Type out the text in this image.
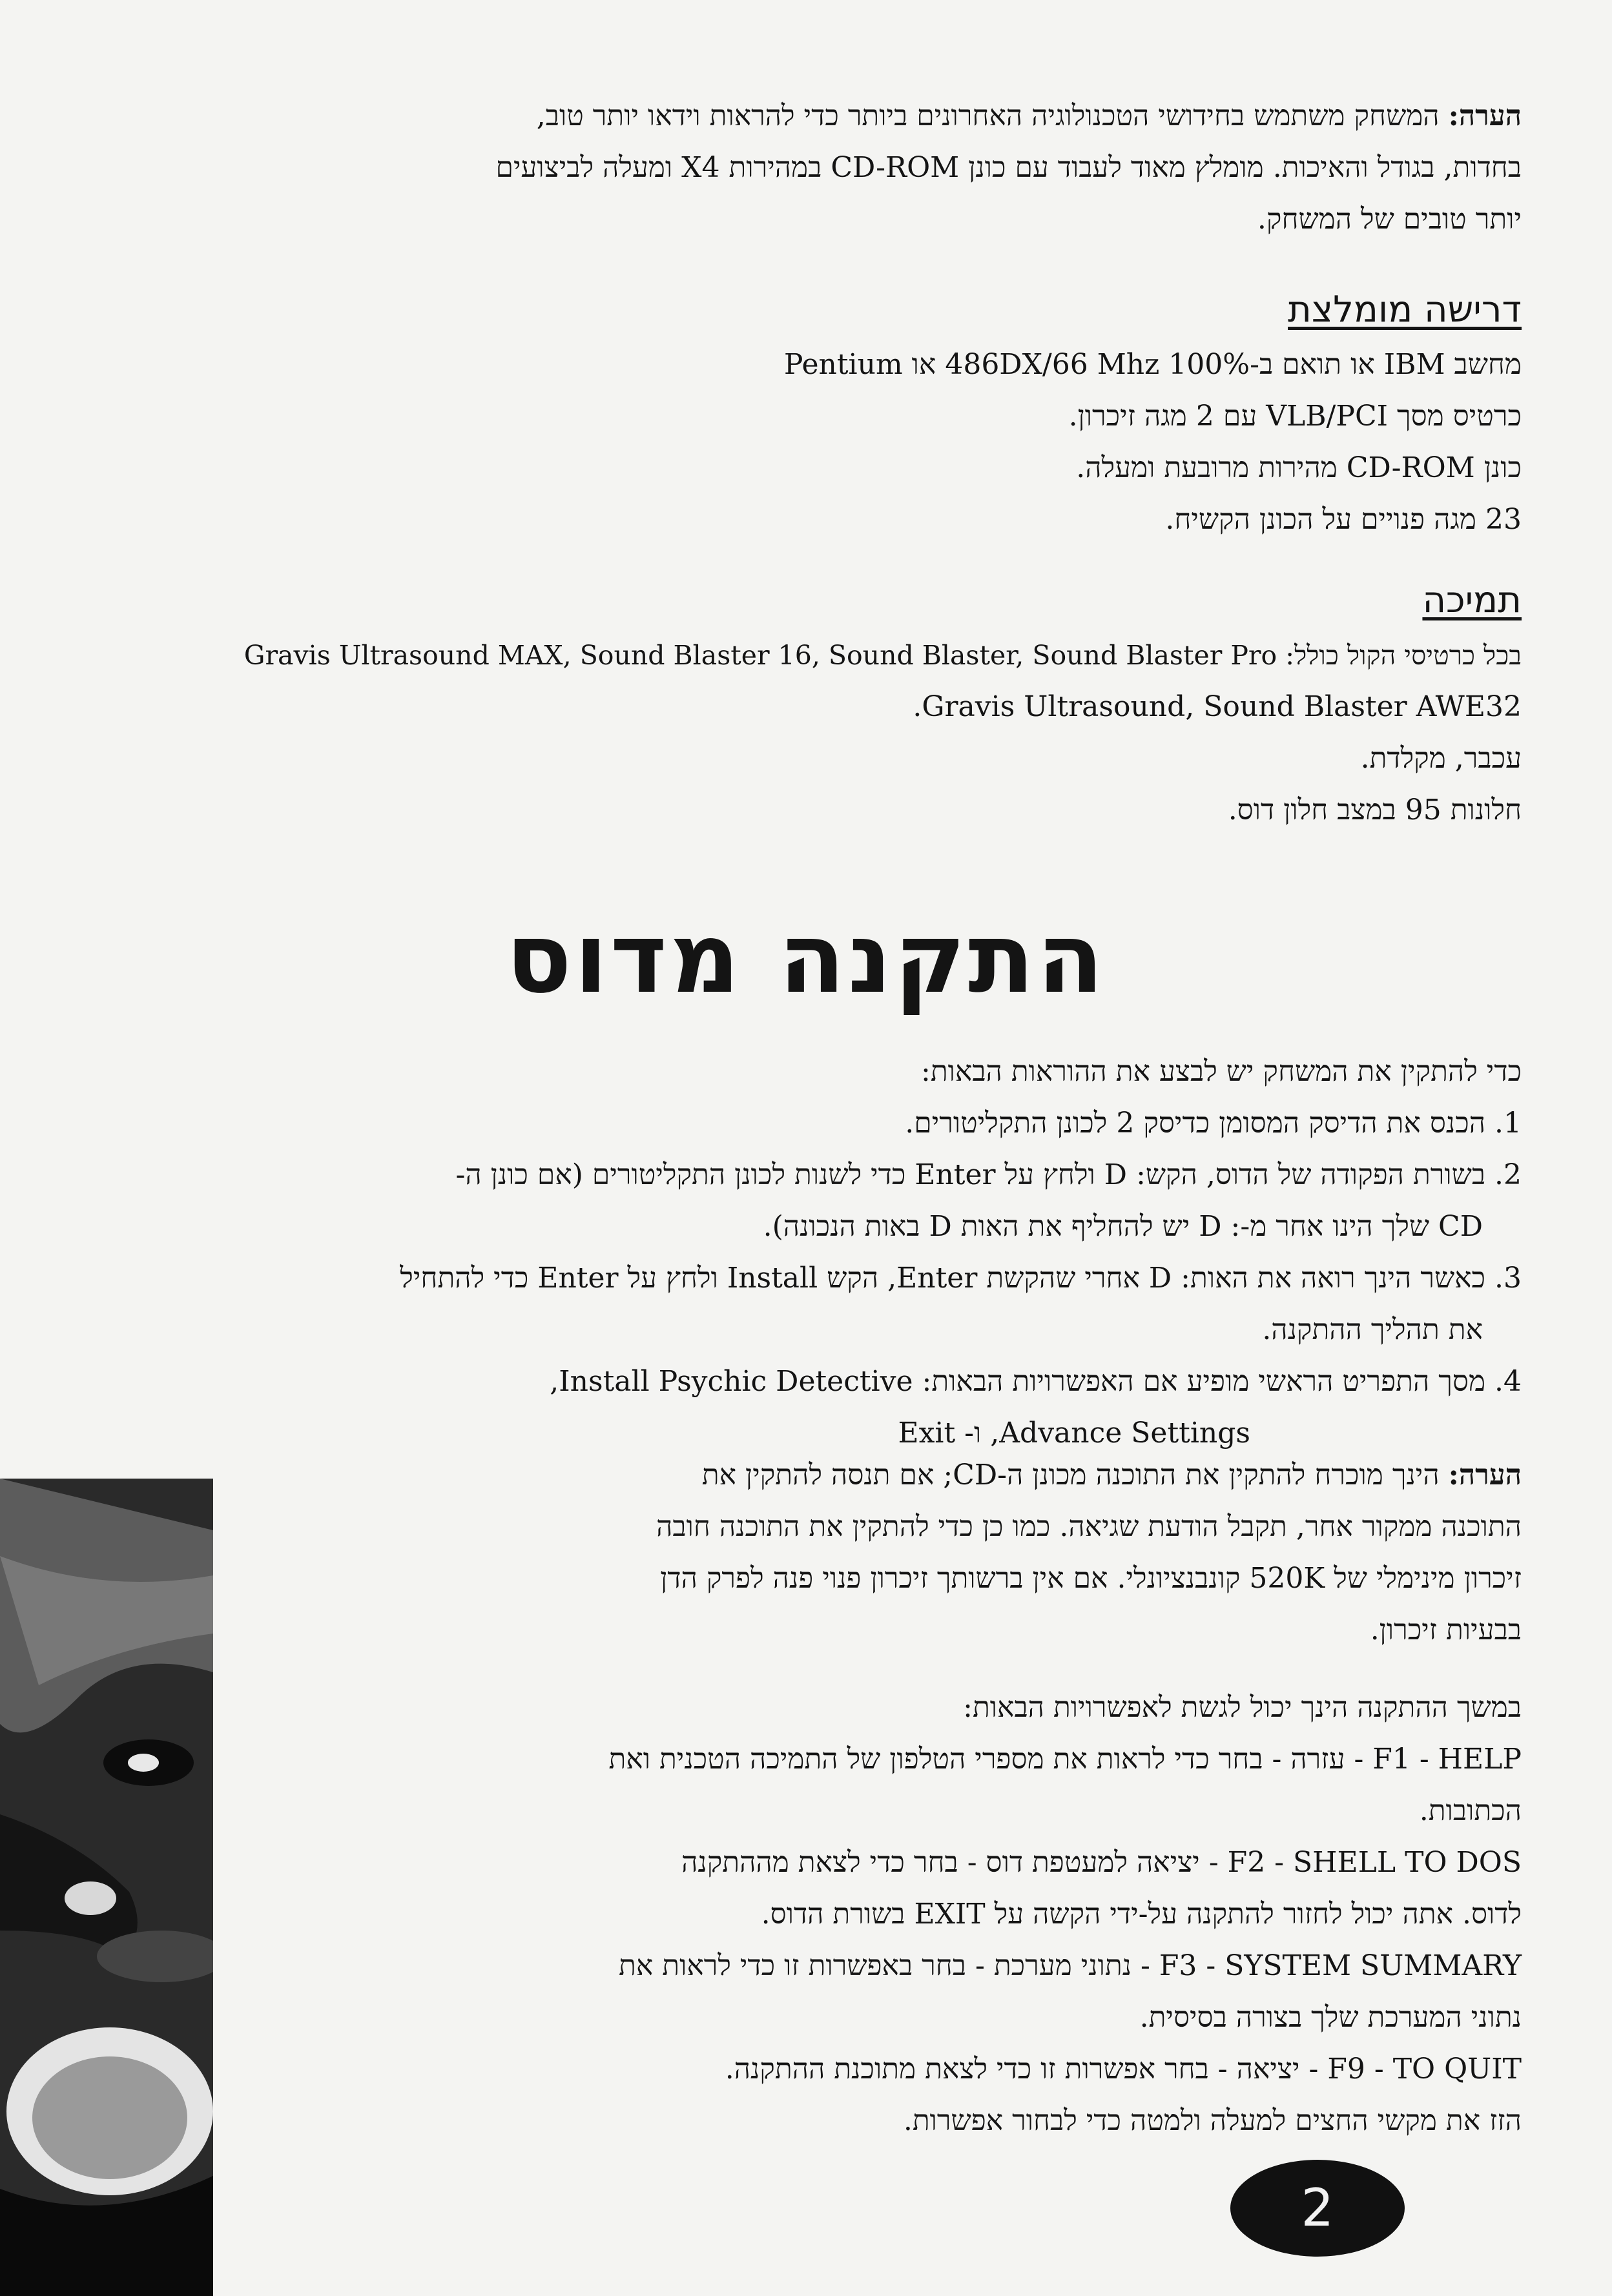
הערה: המשחק משתמש בחידושי הטכנולוגיה האחרונים ביותר כדי להראות וידאו יותר טוב,
בחדות, בגודל והאיכות. מומלץ מאוד לעבוד עם כונן CD-ROM במהירות X4 ומעלה לביצועים
יותר טובים של המשחק.
דרישה מומלצת
מחשב IBM או תואם ב-100% 486DX/66 Mhz או Pentium
כרטיס מסך VLB/PCI עם 2 מגה זיכרון.
כונן CD-ROM מהירות מרובעת ומעלה.
23 מגה פנויים על הכונן הקשיח.
תמיכה
בכל כרטיסי הקול כולל: Gravis Ultrasound MAX, Sound Blaster 16, Sound Blaster, Sound Blaster Pro
Gravis Ultrasound, Sound Blaster AWE32.
עכבר, מקלדת.
חלונות 95 במצב חלון דוס.
התקנה מדוס
כדי להתקין את המשחק יש לבצע את ההוראות הבאות:
1. הכנס את הדיסק המסומן כדיסק 2 לכונן התקליטורים.
2. בשורת הפקודה של הדוס, הקש: D ולחץ על Enter כדי לשנות לכונן התקליטורים (אם כונן ה-
CD שלך הינו אחר מ-: D יש להחליף את האות D באות הנכונה).
3. כאשר הינך רואה את האות: D אחרי שהקשת Enter, הקש Install ולחץ על Enter כדי להתחיל
את תהליך ההתקנה.
4. מסך התפריט הראשי מופיע אם האפשרויות הבאות: Install Psychic Detective,
Advance Settings, ו- Exit
הערה: הינך מוכרח להתקין את התוכנה מכונן ה-CD; אם תנסה להתקין את
התוכנה ממקור אחר, תקבל הודעת שגיאה. כמו כן כדי להתקין את התוכנה חובה
זיכרון מינימלי של 520K קונבנציונלי. אם אין ברשותך זיכרון פנוי פנה לפרק הדן
בבעיות זיכרון.
במשך ההתקנה הינך יכול לגשת לאפשרויות הבאות:
F1 - HELP - עזרה - בחר כדי לראות את מספרי הטלפון של התמיכה הטכנית ואת
הכתובות.
F2 - SHELL TO DOS - יציאה למעטפת דוס - בחר כדי לצאת מההתקנה
לדוס. אתה יכול לחזור להתקנה על-ידי הקשה על EXIT בשורת הדוס.
F3 - SYSTEM SUMMARY - נתוני מערכת - בחר באפשרות זו כדי לראות את
נתוני המערכת שלך בצורה בסיסית.
F9 - TO QUIT - יציאה - בחר אפשרות זו כדי לצאת מתוכנת ההתקנה.
הזז את מקשי החצים למעלה ולמטה כדי לבחור אפשרות.
2
